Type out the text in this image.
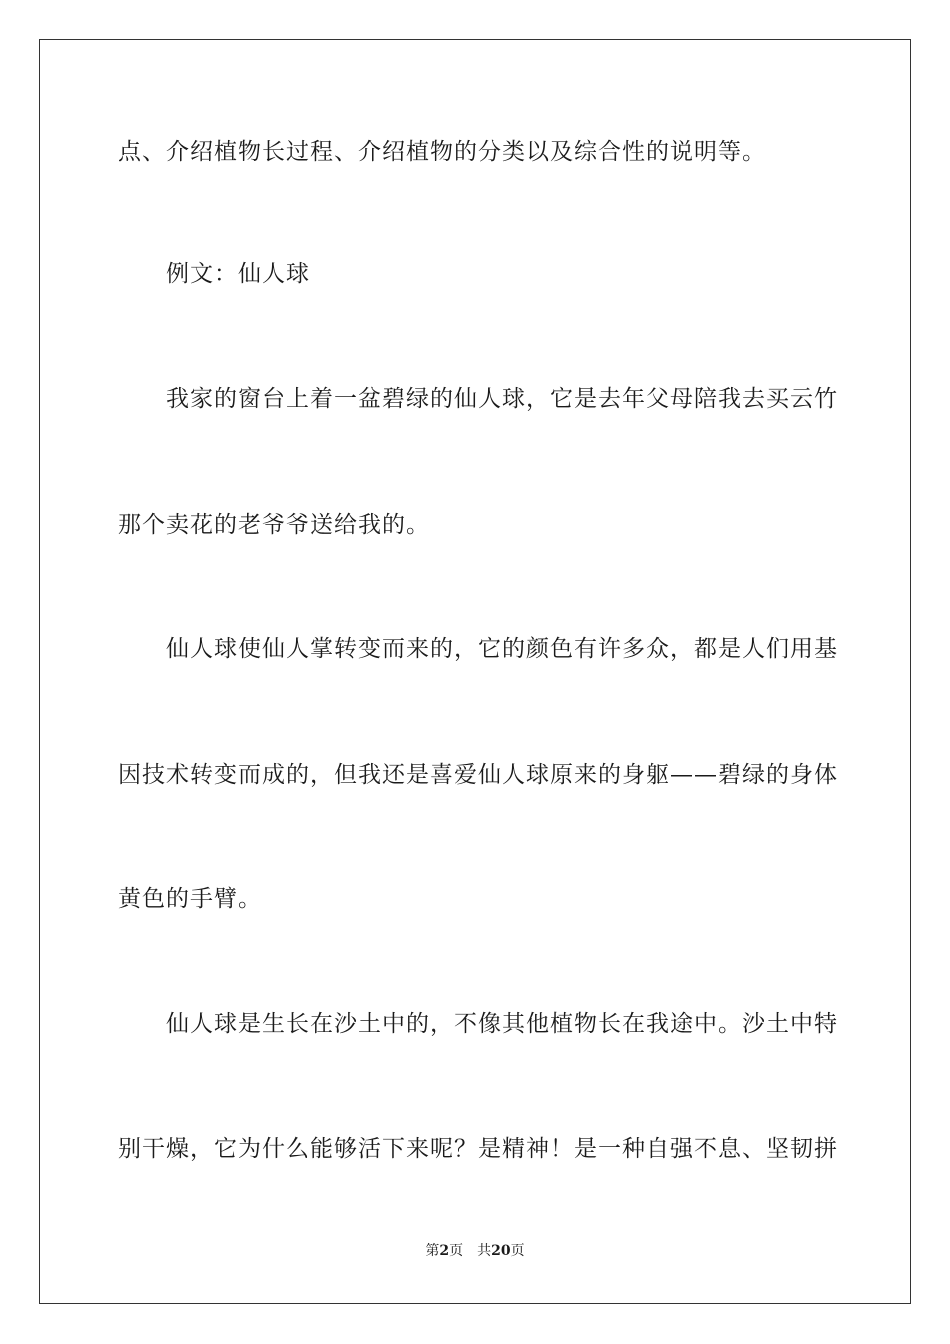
点、介绍植物长过程、介绍植物的分类以及综合性的说明等。
例文：仙人球
我家的窗台上着一盆碧绿的仙人球，它是去年父母陪我去买云竹
那个卖花的老爷爷送给我的。
仙人球使仙人掌转变而来的，它的颜色有许多众，都是人们用基
因技术转变而成的，但我还是喜爱仙人球原来的身躯——碧绿的身体
黄色的手臂。
仙人球是生长在沙土中的，不像其他植物长在我途中。沙土中特
别干燥，它为什么能够活下来呢？是精神！是一种自强不息、坚韧拼
第2页 共20页
